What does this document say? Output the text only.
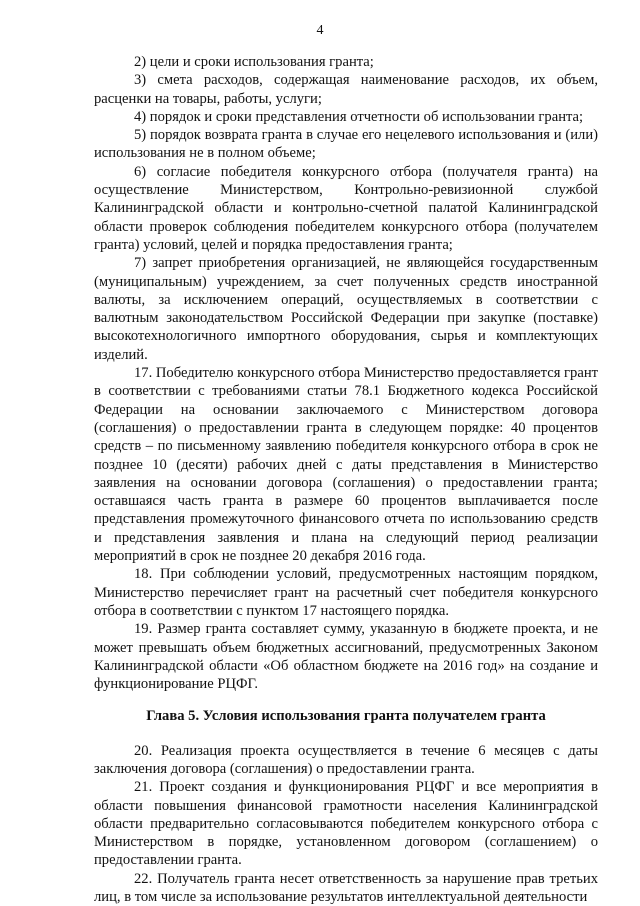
4

2) цели и сроки использования гранта;

3) смета расходов, содержащая наименование расходов, их объем, расценки на товары, работы, услуги;

4) порядок и сроки представления отчетности об использовании гранта;

5) порядок возврата гранта в случае его нецелевого использования и (или) использования не в полном объеме;

6) согласие победителя конкурсного отбора (получателя гранта) на осуществление Министерством, Контрольно-ревизионной службой Калининградской области и контрольно-счетной палатой Калининградской области проверок соблюдения победителем конкурсного отбора (получателем гранта) условий, целей и порядка предоставления гранта;

7) запрет приобретения организацией, не являющейся государственным (муниципальным) учреждением, за счет полученных средств иностранной валюты, за исключением операций, осуществляемых в соответствии с валютным законодательством Российской Федерации при закупке (поставке) высокотехнологичного импортного оборудования, сырья и комплектующих изделий.

17. Победителю конкурсного отбора Министерство предоставляется грант в соответствии с требованиями статьи 78.1 Бюджетного кодекса Российской Федерации на основании заключаемого с Министерством договора (соглашения) о предоставлении гранта в следующем порядке: 40 процентов средств – по письменному заявлению победителя конкурсного отбора в срок не позднее 10 (десяти) рабочих дней с даты представления в Министерство заявления на основании договора (соглашения) о предоставлении гранта; оставшаяся часть гранта в размере 60 процентов выплачивается после представления промежуточного финансового отчета по использованию средств и представления заявления и плана на следующий период реализации мероприятий в срок не позднее 20 декабря 2016 года.

18. При соблюдении условий, предусмотренных настоящим порядком, Министерство перечисляет грант на расчетный счет победителя конкурсного отбора в соответствии с пунктом 17 настоящего порядка.

19. Размер гранта составляет сумму, указанную в бюджете проекта, и не может превышать объем бюджетных ассигнований, предусмотренных Законом Калининградской области «Об областном бюджете на 2016 год» на создание и функционирование РЦФГ.

Глава 5. Условия использования гранта получателем гранта

20. Реализация проекта осуществляется в течение 6 месяцев с даты заключения договора (соглашения) о предоставлении гранта.

21. Проект создания и функционирования РЦФГ и все мероприятия в области повышения финансовой грамотности населения Калининградской области предварительно согласовываются победителем конкурсного отбора с Министерством в порядке, установленном договором (соглашением) о предоставлении гранта.

22. Получатель гранта несет ответственность за нарушение прав третьих лиц, в том числе за использование результатов интеллектуальной деятельности
